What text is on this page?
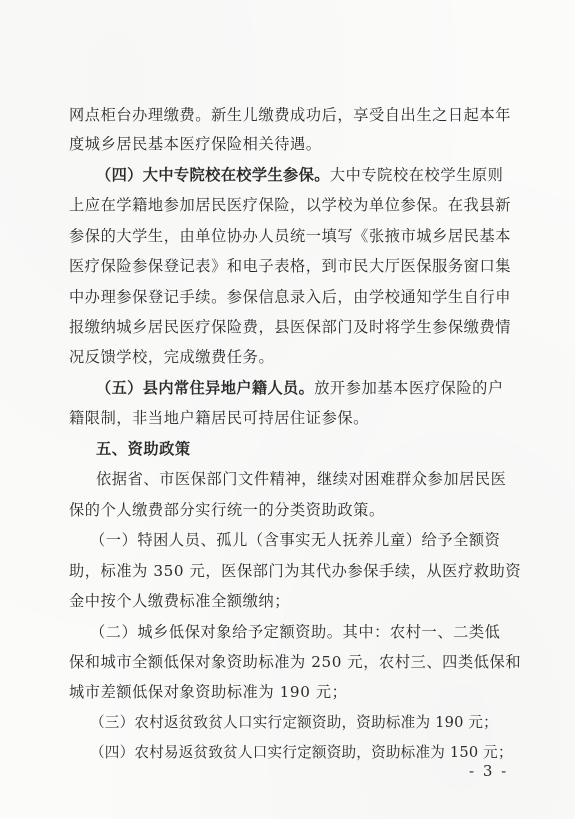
网点柜台办理缴费。新生儿缴费成功后，享受自出生之日起本年
度城乡居民基本医疗保险相关待遇。
（四）大中专院校在校学生参保。大中专院校在校学生原则
上应在学籍地参加居民医疗保险，以学校为单位参保。在我县新
参保的大学生，由单位协办人员统一填写《张掖市城乡居民基本
医疗保险参保登记表》和电子表格，到市民大厅医保服务窗口集
中办理参保登记手续。参保信息录入后，由学校通知学生自行申
报缴纳城乡居民医疗保险费，县医保部门及时将学生参保缴费情
况反馈学校，完成缴费任务。
（五）县内常住异地户籍人员。放开参加基本医疗保险的户
籍限制，非当地户籍居民可持居住证参保。
五、资助政策
依据省、市医保部门文件精神，继续对困难群众参加居民医
保的个人缴费部分实行统一的分类资助政策。
（一）特困人员、孤儿（含事实无人抚养儿童）给予全额资
助，标准为 350 元，医保部门为其代办参保手续，从医疗救助资
金中按个人缴费标准全额缴纳；
（二）城乡低保对象给予定额资助。其中：农村一、二类低
保和城市全额低保对象资助标准为 250 元，农村三、四类低保和
城市差额低保对象资助标准为 190 元；
（三）农村返贫致贫人口实行定额资助，资助标准为 190 元；
（四）农村易返贫致贫人口实行定额资助，资助标准为 150 元；
- 3 -
